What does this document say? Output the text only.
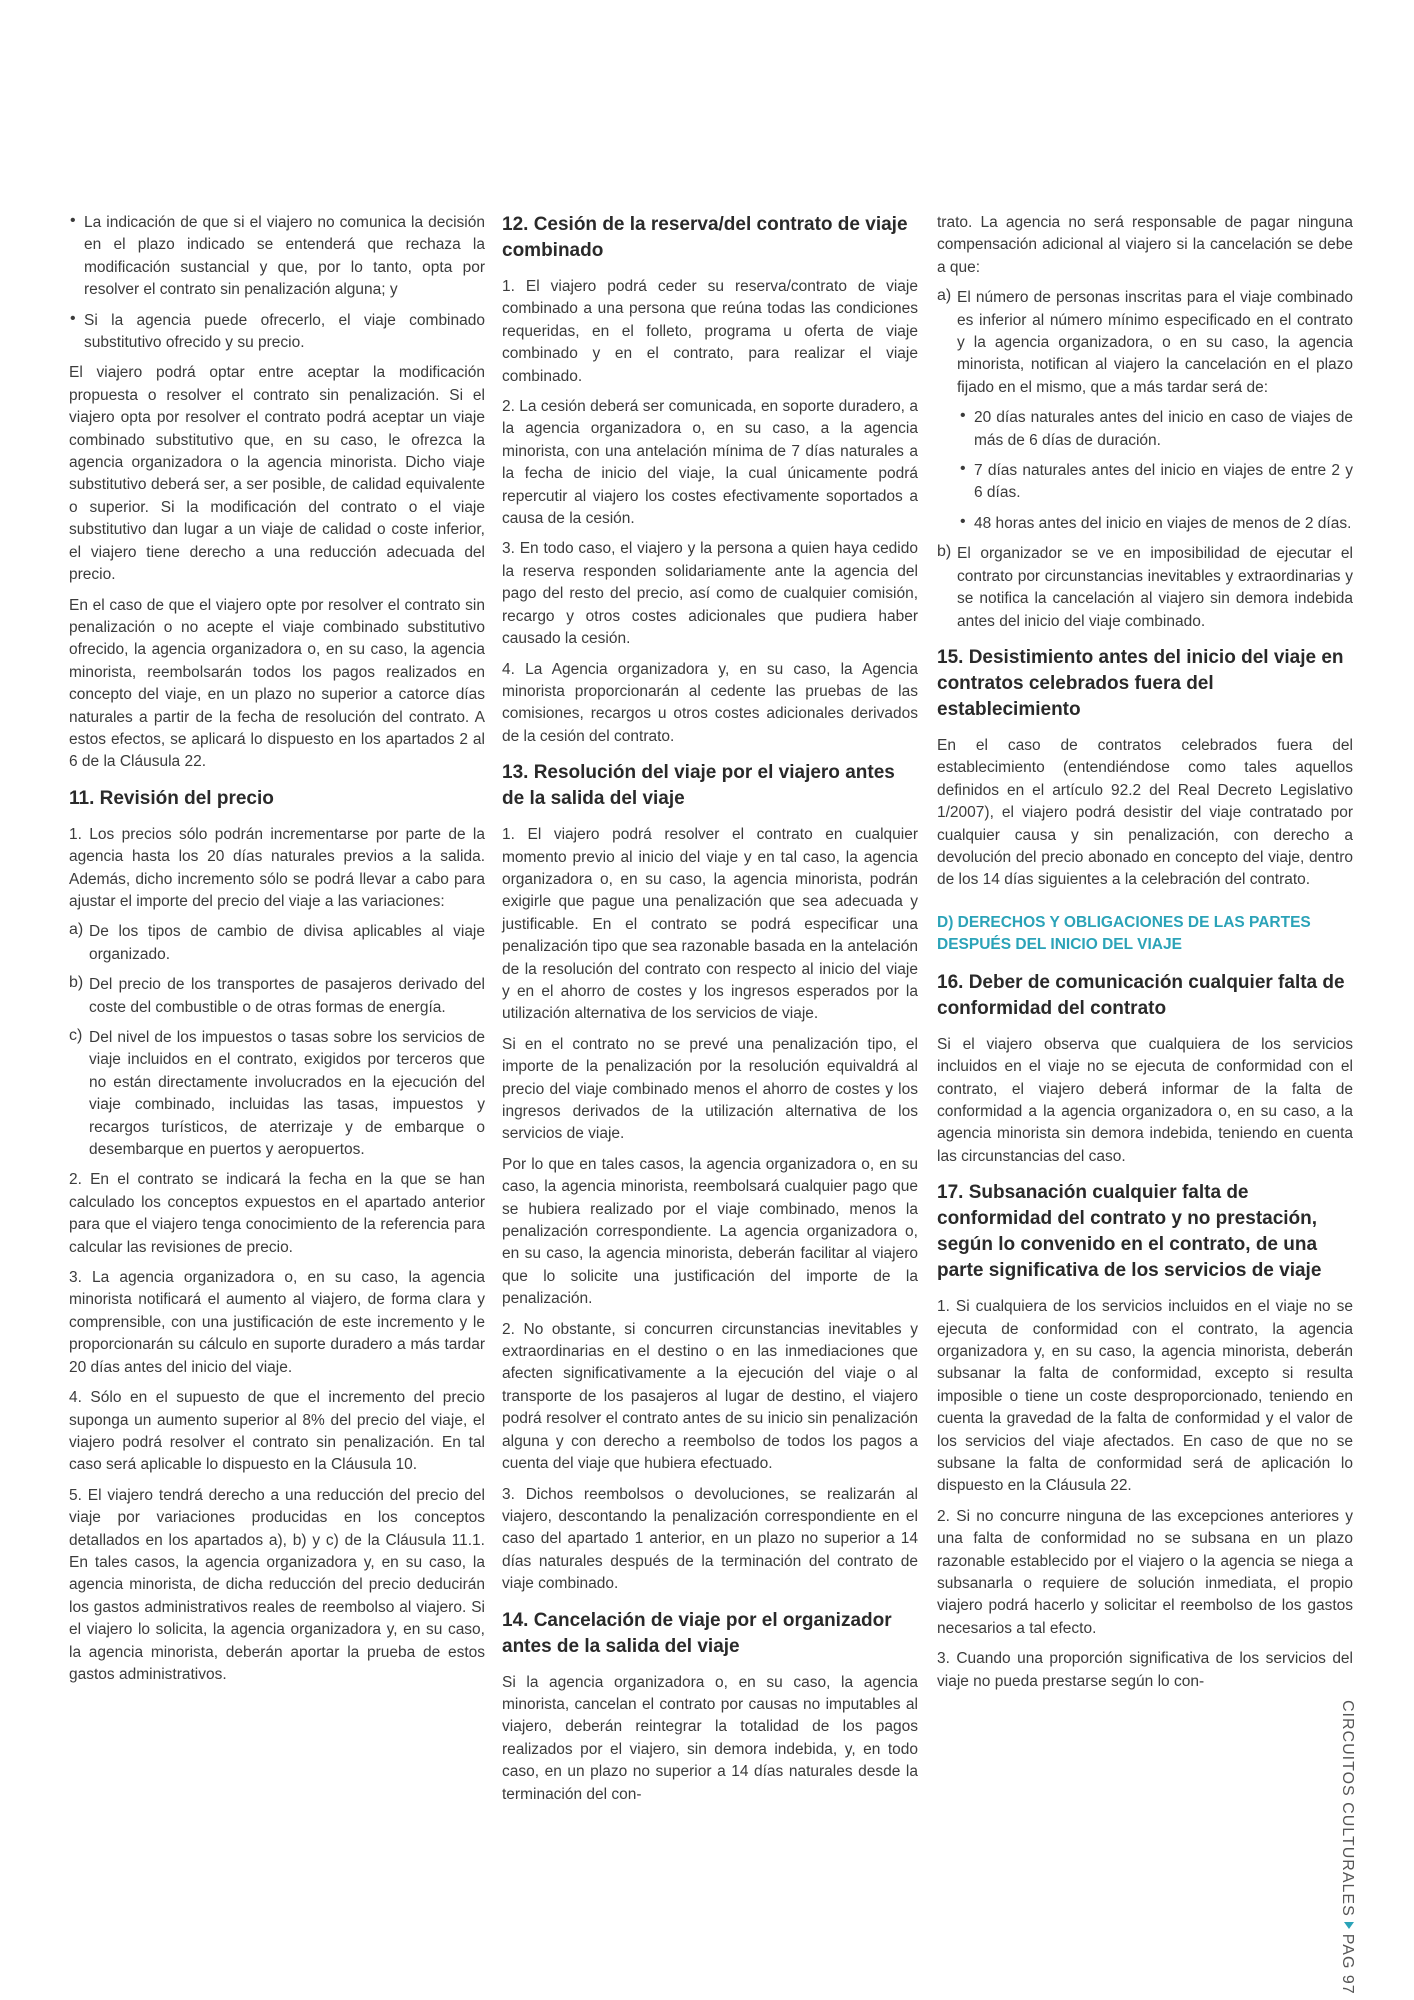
• La indicación de que si el viajero no comunica la decisión en el plazo indicado se entenderá que rechaza la modificación sustancial y que, por lo tanto, opta por resolver el contrato sin penalización alguna; y

• Si la agencia puede ofrecerlo, el viaje combinado substitutivo ofrecido y su precio.

El viajero podrá optar entre aceptar la modificación propuesta o resolver el contrato sin penalización. Si el viajero opta por resolver el contrato podrá aceptar un viaje combinado substitutivo que, en su caso, le ofrezca la agencia organizadora o la agencia minorista. Dicho viaje substitutivo deberá ser, a ser posible, de calidad equivalente o superior. Si la modificación del contrato o el viaje substitutivo dan lugar a un viaje de calidad o coste inferior, el viajero tiene derecho a una reducción adecuada del precio.

En el caso de que el viajero opte por resolver el contrato sin penalización o no acepte el viaje combinado substitutivo ofrecido, la agencia organizadora o, en su caso, la agencia minorista, reembolsarán todos los pagos realizados en concepto del viaje, en un plazo no superior a catorce días naturales a partir de la fecha de resolución del contrato. A estos efectos, se aplicará lo dispuesto en los apartados 2 al 6 de la Cláusula 22.

11. Revisión del precio

1. Los precios sólo podrán incrementarse por parte de la agencia hasta los 20 días naturales previos a la salida. Además, dicho incremento sólo se podrá llevar a cabo para ajustar el importe del precio del viaje a las variaciones:

a) De los tipos de cambio de divisa aplicables al viaje organizado.

b) Del precio de los transportes de pasajeros derivado del coste del combustible o de otras formas de energía.

c) Del nivel de los impuestos o tasas sobre los servicios de viaje incluidos en el contrato, exigidos por terceros que no están directamente involucrados en la ejecución del viaje combinado, incluidas las tasas, impuestos y recargos turísticos, de aterrizaje y de embarque o desembarque en puertos y aeropuertos.

2. En el contrato se indicará la fecha en la que se han calculado los conceptos expuestos en el apartado anterior para que el viajero tenga conocimiento de la referencia para calcular las revisiones de precio.

3. La agencia organizadora o, en su caso, la agencia minorista notificará el aumento al viajero, de forma clara y comprensible, con una justificación de este incremento y le proporcionarán su cálculo en suporte duradero a más tardar 20 días antes del inicio del viaje.

4. Sólo en el supuesto de que el incremento del precio suponga un aumento superior al 8% del precio del viaje, el viajero podrá resolver el contrato sin penalización. En tal caso será aplicable lo dispuesto en la Cláusula 10.

5. El viajero tendrá derecho a una reducción del precio del viaje por variaciones producidas en los conceptos detallados en los apartados a), b) y c) de la Cláusula 11.1. En tales casos, la agencia organizadora y, en su caso, la agencia minorista, de dicha reducción del precio deducirán los gastos administrativos reales de reembolso al viajero. Si el viajero lo solicita, la agencia organizadora y, en su caso, la agencia minorista, deberán aportar la prueba de estos gastos administrativos.

12. Cesión de la reserva/del contrato de viaje combinado

1. El viajero podrá ceder su reserva/contrato de viaje combinado a una persona que reúna todas las condiciones requeridas, en el folleto, programa u oferta de viaje combinado y en el contrato, para realizar el viaje combinado.

2. La cesión deberá ser comunicada, en soporte duradero, a la agencia organizadora o, en su caso, a la agencia minorista, con una antelación mínima de 7 días naturales a la fecha de inicio del viaje, la cual únicamente podrá repercutir al viajero los costes efectivamente soportados a causa de la cesión.

3. En todo caso, el viajero y la persona a quien haya cedido la reserva responden solidariamente ante la agencia del pago del resto del precio, así como de cualquier comisión, recargo y otros costes adicionales que pudiera haber causado la cesión.

4. La Agencia organizadora y, en su caso, la Agencia minorista proporcionarán al cedente las pruebas de las comisiones, recargos u otros costes adicionales derivados de la cesión del contrato.

13. Resolución del viaje por el viajero antes de la salida del viaje

1. El viajero podrá resolver el contrato en cualquier momento previo al inicio del viaje y en tal caso, la agencia organizadora o, en su caso, la agencia minorista, podrán exigirle que pague una penalización que sea adecuada y justificable. En el contrato se podrá especificar una penalización tipo que sea razonable basada en la antelación de la resolución del contrato con respecto al inicio del viaje y en el ahorro de costes y los ingresos esperados por la utilización alternativa de los servicios de viaje.

Si en el contrato no se prevé una penalización tipo, el importe de la penalización por la resolución equivaldrá al precio del viaje combinado menos el ahorro de costes y los ingresos derivados de la utilización alternativa de los servicios de viaje.

Por lo que en tales casos, la agencia organizadora o, en su caso, la agencia minorista, reembolsará cualquier pago que se hubiera realizado por el viaje combinado, menos la penalización correspondiente. La agencia organizadora o, en su caso, la agencia minorista, deberán facilitar al viajero que lo solicite una justificación del importe de la penalización.

2. No obstante, si concurren circunstancias inevitables y extraordinarias en el destino o en las inmediaciones que afecten significativamente a la ejecución del viaje o al transporte de los pasajeros al lugar de destino, el viajero podrá resolver el contrato antes de su inicio sin penalización alguna y con derecho a reembolso de todos los pagos a cuenta del viaje que hubiera efectuado.

3. Dichos reembolsos o devoluciones, se realizarán al viajero, descontando la penalización correspondiente en el caso del apartado 1 anterior, en un plazo no superior a 14 días naturales después de la terminación del contrato de viaje combinado.

14. Cancelación de viaje por el organizador antes de la salida del viaje

Si la agencia organizadora o, en su caso, la agencia minorista, cancelan el contrato por causas no imputables al viajero, deberán reintegrar la totalidad de los pagos realizados por el viajero, sin demora indebida, y, en todo caso, en un plazo no superior a 14 días naturales desde la terminación del con-

trato. La agencia no será responsable de pagar ninguna compensación adicional al viajero si la cancelación se debe a que:

a) El número de personas inscritas para el viaje combinado es inferior al número mínimo especificado en el contrato y la agencia organizadora, o en su caso, la agencia minorista, notifican al viajero la cancelación en el plazo fijado en el mismo, que a más tardar será de:

• 20 días naturales antes del inicio en caso de viajes de más de 6 días de duración.

• 7 días naturales antes del inicio en viajes de entre 2 y 6 días.

• 48 horas antes del inicio en viajes de menos de 2 días.

b) El organizador se ve en imposibilidad de ejecutar el contrato por circunstancias inevitables y extraordinarias y se notifica la cancelación al viajero sin demora indebida antes del inicio del viaje combinado.

15. Desistimiento antes del inicio del viaje en contratos celebrados fuera del establecimiento

En el caso de contratos celebrados fuera del establecimiento (entendiéndose como tales aquellos definidos en el artículo 92.2 del Real Decreto Legislativo 1/2007), el viajero podrá desistir del viaje contratado por cualquier causa y sin penalización, con derecho a devolución del precio abonado en concepto del viaje, dentro de los 14 días siguientes a la celebración del contrato.

D) DERECHOS Y OBLIGACIONES DE LAS PARTES DESPUÉS DEL INICIO DEL VIAJE
16. Deber de comunicación cualquier falta de conformidad del contrato

Si el viajero observa que cualquiera de los servicios incluidos en el viaje no se ejecuta de conformidad con el contrato, el viajero deberá informar de la falta de conformidad a la agencia organizadora o, en su caso, a la agencia minorista sin demora indebida, teniendo en cuenta las circunstancias del caso.

17. Subsanación cualquier falta de conformidad del contrato y no prestación, según lo convenido en el contrato, de una parte significativa de los servicios de viaje

1. Si cualquiera de los servicios incluidos en el viaje no se ejecuta de conformidad con el contrato, la agencia organizadora y, en su caso, la agencia minorista, deberán subsanar la falta de conformidad, excepto si resulta imposible o tiene un coste desproporcionado, teniendo en cuenta la gravedad de la falta de conformidad y el valor de los servicios del viaje afectados. En caso de que no se subsane la falta de conformidad será de aplicación lo dispuesto en la Cláusula 22.

2. Si no concurre ninguna de las excepciones anteriores y una falta de conformidad no se subsana en un plazo razonable establecido por el viajero o la agencia se niega a subsanarla o requiere de solución inmediata, el propio viajero podrá hacerlo y solicitar el reembolso de los gastos necesarios a tal efecto.

3. Cuando una proporción significativa de los servicios del viaje no pueda prestarse según lo con-

CIRCUITOS CULTURALESPAG 97
